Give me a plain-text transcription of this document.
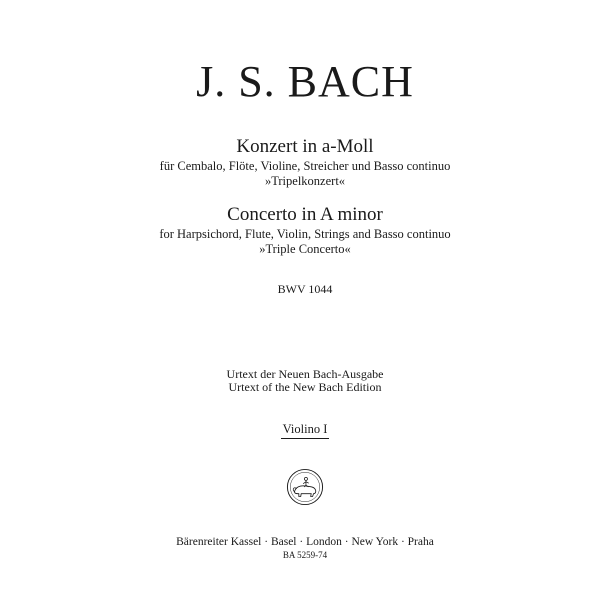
J. S. BACH
Konzert in a-Moll
für Cembalo, Flöte, Violine, Streicher und Basso continuo
»Tripelkonzert«
Concerto in A minor
for Harpsichord, Flute, Violin, Strings and Basso continuo
»Triple Concerto«
BWV 1044
Urtext der Neuen Bach-Ausgabe
Urtext of the New Bach Edition
Violino I
Bärenreiter Kassel · Basel · London · New York · Praha
BA 5259-74
